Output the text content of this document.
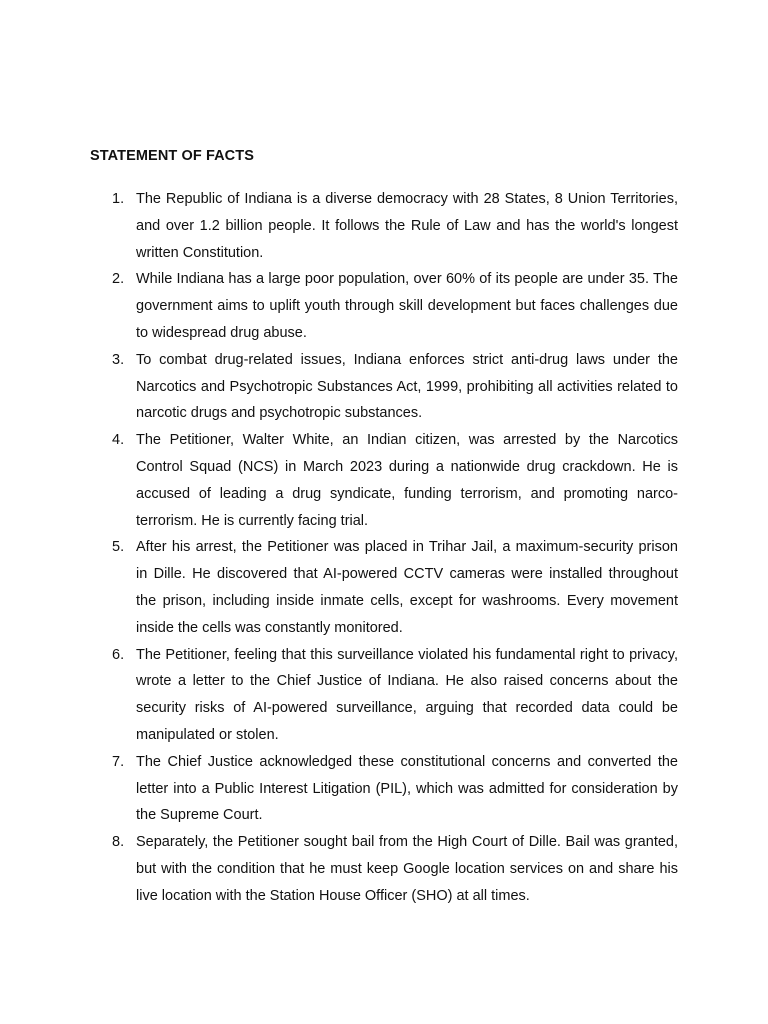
STATEMENT OF FACTS
1. The Republic of Indiana is a diverse democracy with 28 States, 8 Union Territories, and over 1.2 billion people. It follows the Rule of Law and has the world's longest written Constitution.
2. While Indiana has a large poor population, over 60% of its people are under 35. The government aims to uplift youth through skill development but faces challenges due to widespread drug abuse.
3. To combat drug-related issues, Indiana enforces strict anti-drug laws under the Narcotics and Psychotropic Substances Act, 1999, prohibiting all activities related to narcotic drugs and psychotropic substances.
4. The Petitioner, Walter White, an Indian citizen, was arrested by the Narcotics Control Squad (NCS) in March 2023 during a nationwide drug crackdown. He is accused of leading a drug syndicate, funding terrorism, and promoting narco-terrorism. He is currently facing trial.
5. After his arrest, the Petitioner was placed in Trihar Jail, a maximum-security prison in Dille. He discovered that AI-powered CCTV cameras were installed throughout the prison, including inside inmate cells, except for washrooms. Every movement inside the cells was constantly monitored.
6. The Petitioner, feeling that this surveillance violated his fundamental right to privacy, wrote a letter to the Chief Justice of Indiana. He also raised concerns about the security risks of AI-powered surveillance, arguing that recorded data could be manipulated or stolen.
7. The Chief Justice acknowledged these constitutional concerns and converted the letter into a Public Interest Litigation (PIL), which was admitted for consideration by the Supreme Court.
8. Separately, the Petitioner sought bail from the High Court of Dille. Bail was granted, but with the condition that he must keep Google location services on and share his live location with the Station House Officer (SHO) at all times.
